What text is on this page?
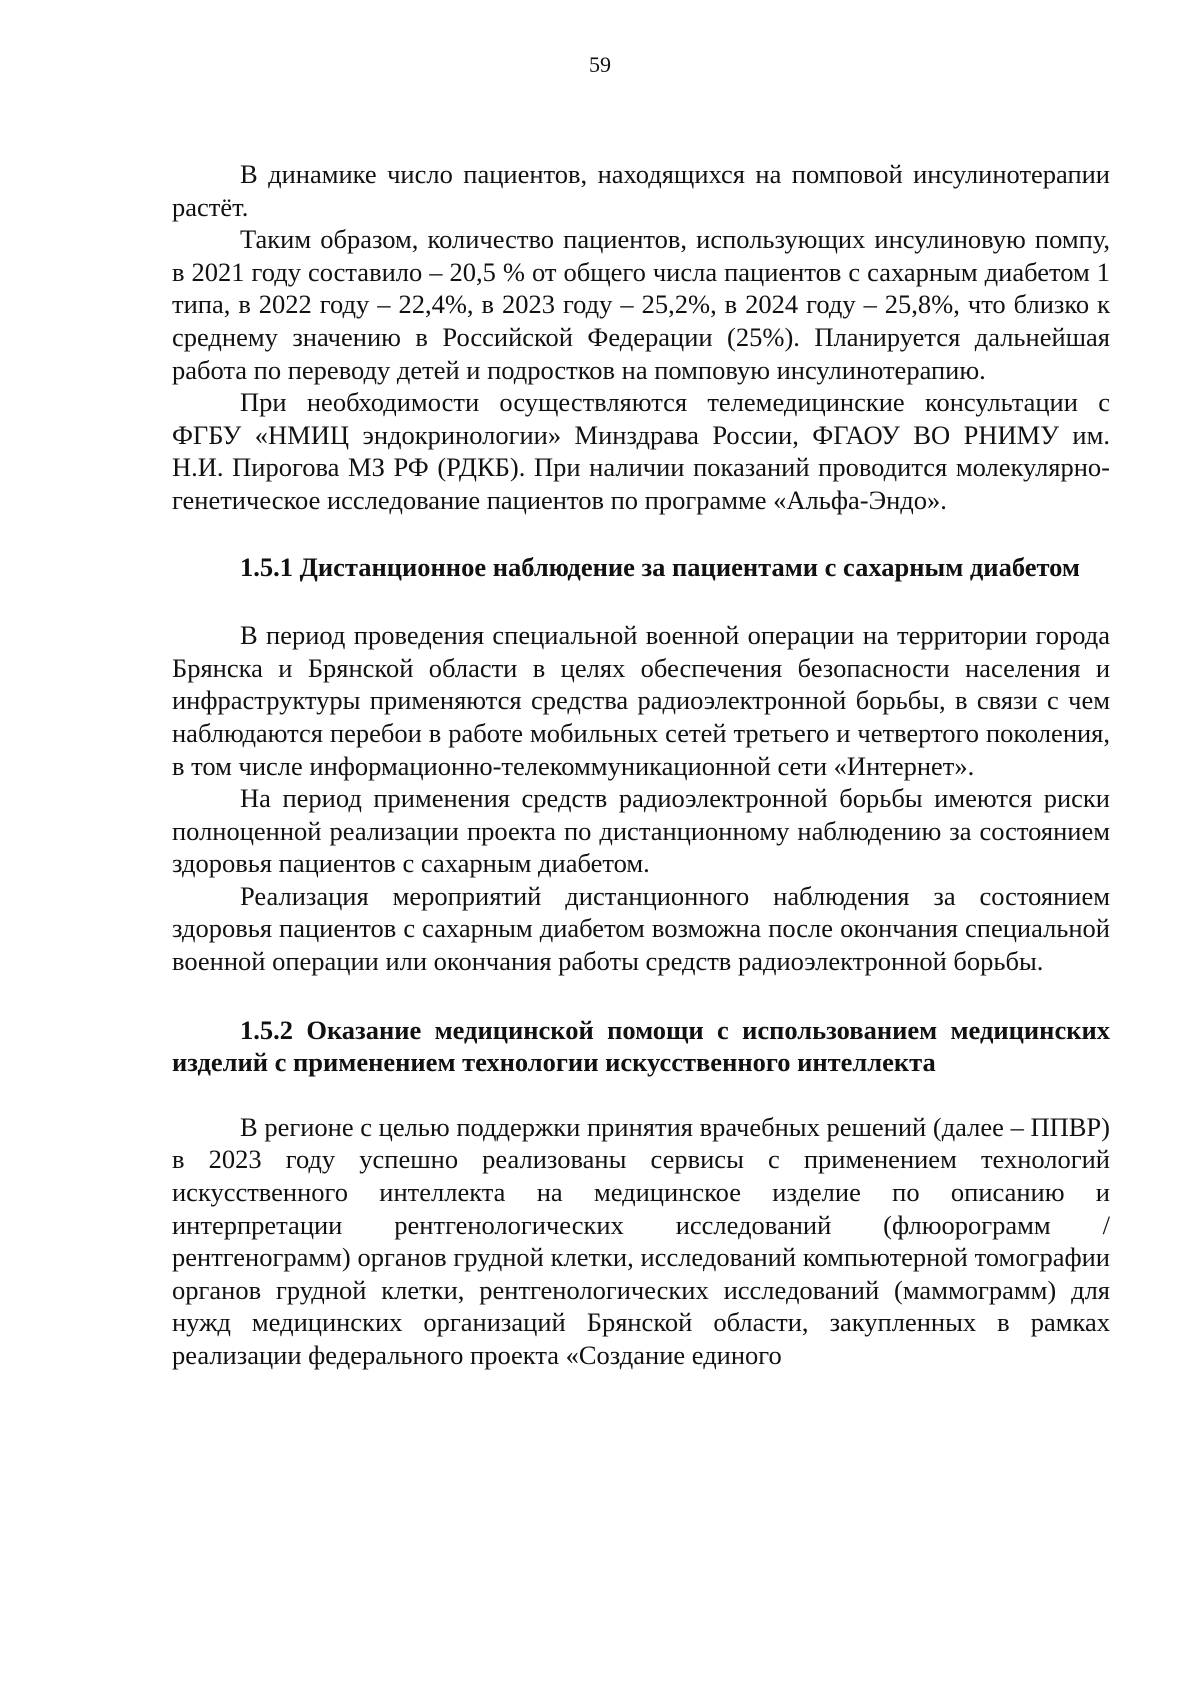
59

В динамике число пациентов, находящихся на помповой инсулинотерапии растёт.

Таким образом, количество пациентов, использующих инсулиновую помпу, в 2021 году составило – 20,5 % от общего числа пациентов с сахарным диабетом 1 типа, в 2022 году – 22,4%, в 2023 году – 25,2%, в 2024 году – 25,8%, что близко к среднему значению в Российской Федерации (25%). Планируется дальнейшая работа по переводу детей и подростков на помповую инсулинотерапию.

При необходимости осуществляются телемедицинские консультации с ФГБУ «НМИЦ эндокринологии» Минздрава России, ФГАОУ ВО РНИМУ им. Н.И. Пирогова МЗ РФ (РДКБ). При наличии показаний проводится молекулярно-генетическое исследование пациентов по программе «Альфа-Эндо».

1.5.1 Дистанционное наблюдение за пациентами с сахарным диабетом

В период проведения специальной военной операции на территории города Брянска и Брянской области в целях обеспечения безопасности населения и инфраструктуры применяются средства радиоэлектронной борьбы, в связи с чем наблюдаются перебои в работе мобильных сетей третьего и четвертого поколения, в том числе информационно-телекоммуникационной сети «Интернет».

На период применения средств радиоэлектронной борьбы имеются риски полноценной реализации проекта по дистанционному наблюдению за состоянием здоровья пациентов с сахарным диабетом.

Реализация мероприятий дистанционного наблюдения за состоянием здоровья пациентов с сахарным диабетом возможна после окончания специальной военной операции или окончания работы средств радиоэлектронной борьбы.

1.5.2 Оказание медицинской помощи с использованием медицинских изделий с применением технологии искусственного интеллекта

В регионе с целью поддержки принятия врачебных решений (далее – ППВР) в 2023 году успешно реализованы сервисы с применением технологий искусственного интеллекта на медицинское изделие по описанию и интерпретации рентгенологических исследований (флюорограмм / рентгенограмм) органов грудной клетки, исследований компьютерной томографии органов грудной клетки, рентгенологических исследований (маммограмм) для нужд медицинских организаций Брянской области, закупленных в рамках реализации федерального проекта «Создание единого
